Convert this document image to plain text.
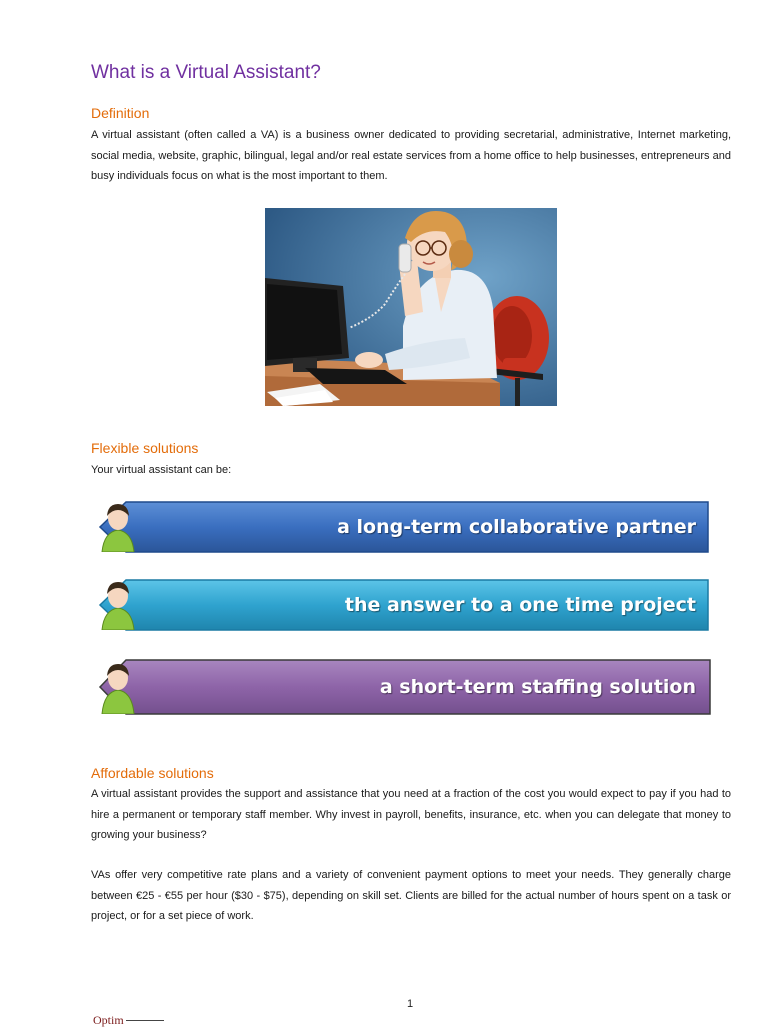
What is a Virtual Assistant?
Definition

A virtual assistant (often called a VA) is a business owner dedicated to providing secretarial, administrative, Internet marketing, social media, website, graphic, bilingual, legal and/or real estate services from a home office to help businesses, entrepreneurs and busy individuals focus on what is the most important to them.

Flexible solutions

Your virtual assistant can be:

a long-term collaborative partner
the answer to a one time project
a short-term staffing solution
Affordable solutions

A virtual assistant provides the support and assistance that you need at a fraction of the cost you would expect to pay if you had to hire a permanent or temporary staff member. Why invest in payroll, benefits, insurance, etc. when you can delegate that money to growing your business?

VAs offer very competitive rate plans and a variety of convenient payment options to meet your needs. They generally charge between €25 - €55 per hour ($30 - $75), depending on skill set. Clients are billed for the actual number of hours spent on a task or project, or for a set piece of work.

1
Optim
